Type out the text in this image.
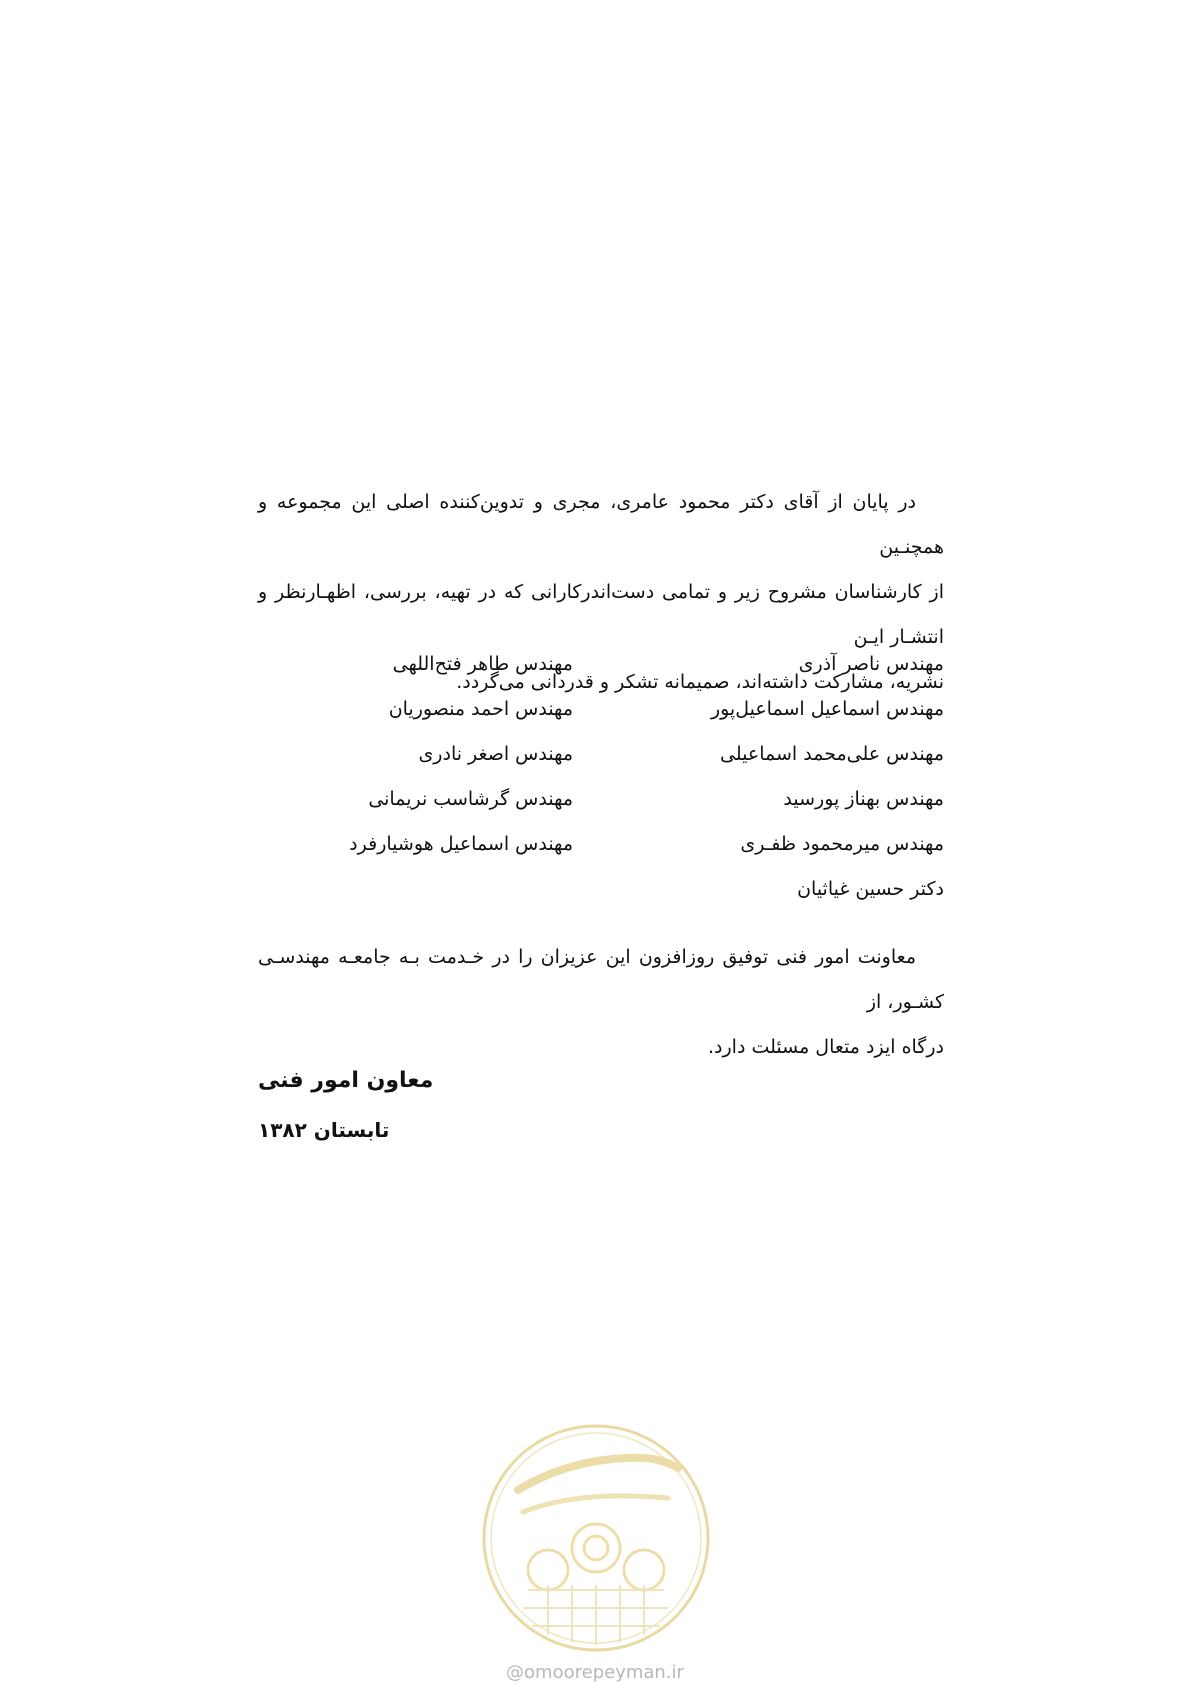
در پایان از آقای دکتر محمود عامری، مجری و تدوین‌کننده اصلی این مجموعه و همچنـین

از کارشناسان مشروح زیر و تمامی دست‌اندرکارانی که در تهیه، بررسی، اظهـارنظر و انتشـار ایـن

نشریه، مشارکت داشته‌اند، صمیمانه تشکر و قدردانی می‌گردد.

مهندس ناصر آذری
مهندس اسماعیل اسماعیل‌پور
مهندس علی‌محمد اسماعیلی
مهندس بهناز پورسید
مهندس میرمحمود ظفـری
دکتر حسین غیاثیان
مهندس طاهر فتح‌اللهی
مهندس احمد منصوریان
مهندس اصغر نادری
مهندس گرشاسب نریمانی
مهندس اسماعیل هوشیارفرد

معاونت امور فنی توفیق روزافزون این عزیزان را در خـدمت بـه جامعـه مهندسـی کشـور، از

درگاه ایزد متعال مسئلت دارد.

معاون امور فنی
تابستان ۱۳۸۲
@omoorepeyman.ir
